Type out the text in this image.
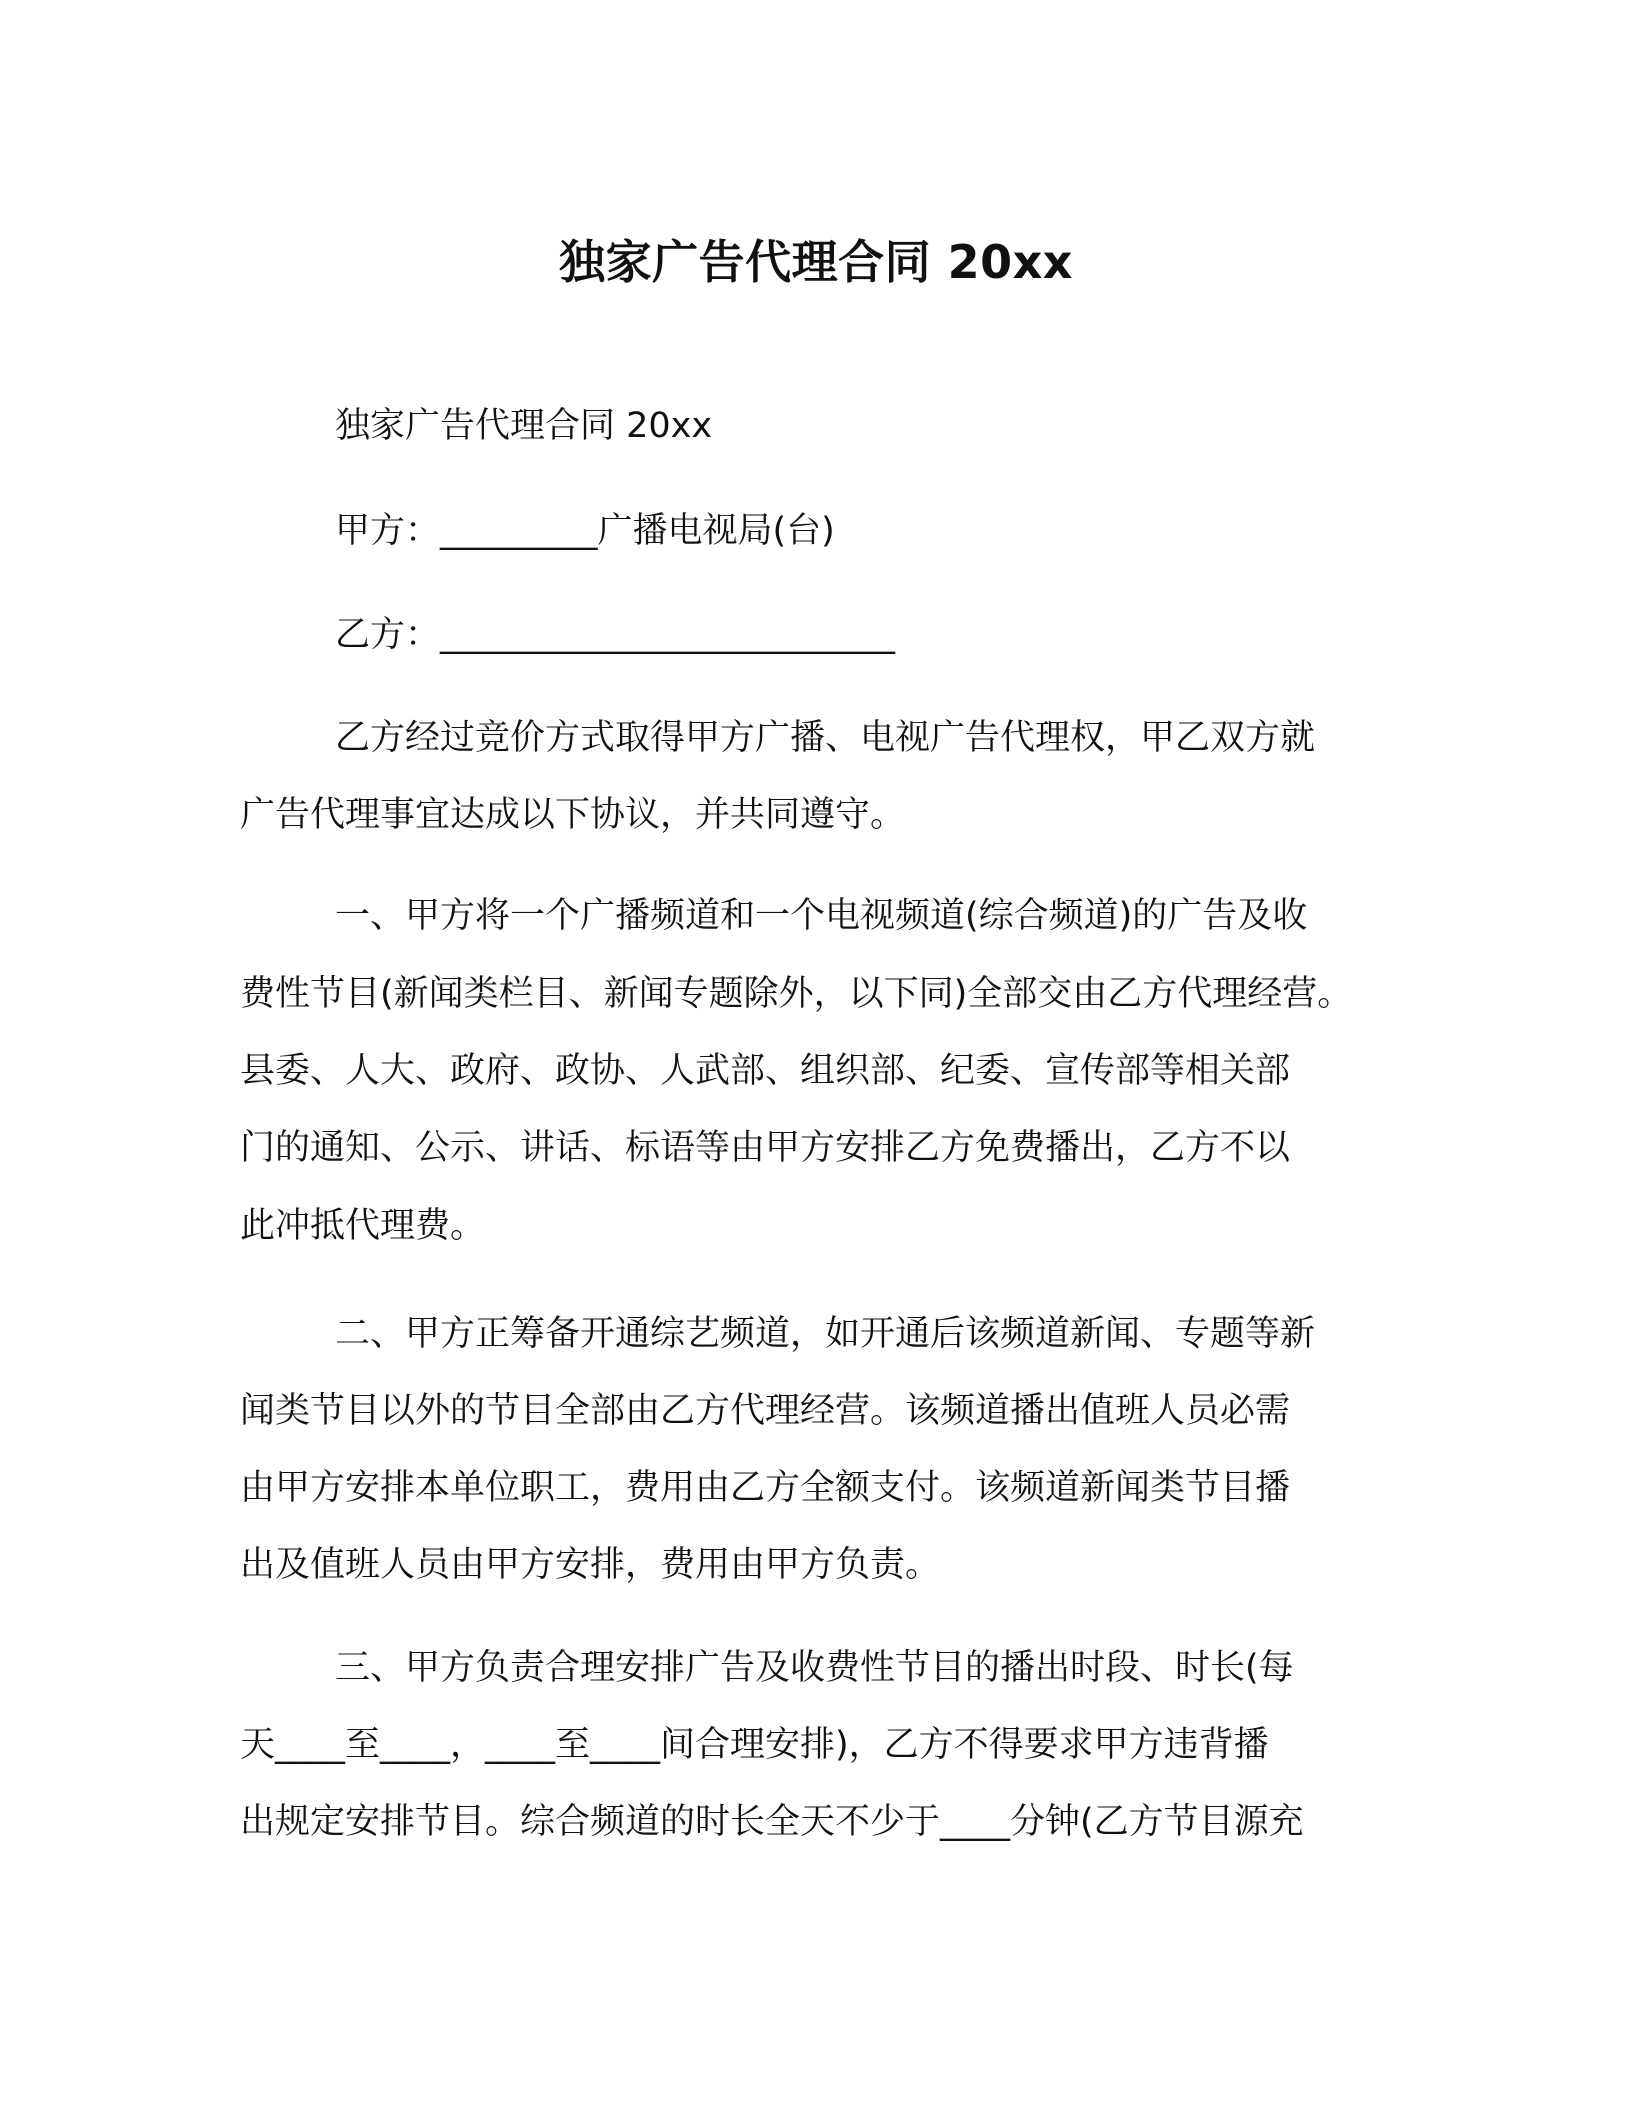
独家广告代理合同 20xx
独家广告代理合同 20xx
甲方：_________广播电视局(台)
乙方：__________________________
乙方经过竞价方式取得甲方广播、电视广告代理权，甲乙双方就
广告代理事宜达成以下协议，并共同遵守。
一、甲方将一个广播频道和一个电视频道(综合频道)的广告及收
费性节目(新闻类栏目、新闻专题除外，以下同)全部交由乙方代理经营。
县委、人大、政府、政协、人武部、组织部、纪委、宣传部等相关部
门的通知、公示、讲话、标语等由甲方安排乙方免费播出，乙方不以
此冲抵代理费。
二、甲方正筹备开通综艺频道，如开通后该频道新闻、专题等新
闻类节目以外的节目全部由乙方代理经营。该频道播出值班人员必需
由甲方安排本单位职工，费用由乙方全额支付。该频道新闻类节目播
出及值班人员由甲方安排，费用由甲方负责。
三、甲方负责合理安排广告及收费性节目的播出时段、时长(每
天____至____，____至____间合理安排)，乙方不得要求甲方违背播
出规定安排节目。综合频道的时长全天不少于____分钟(乙方节目源充
